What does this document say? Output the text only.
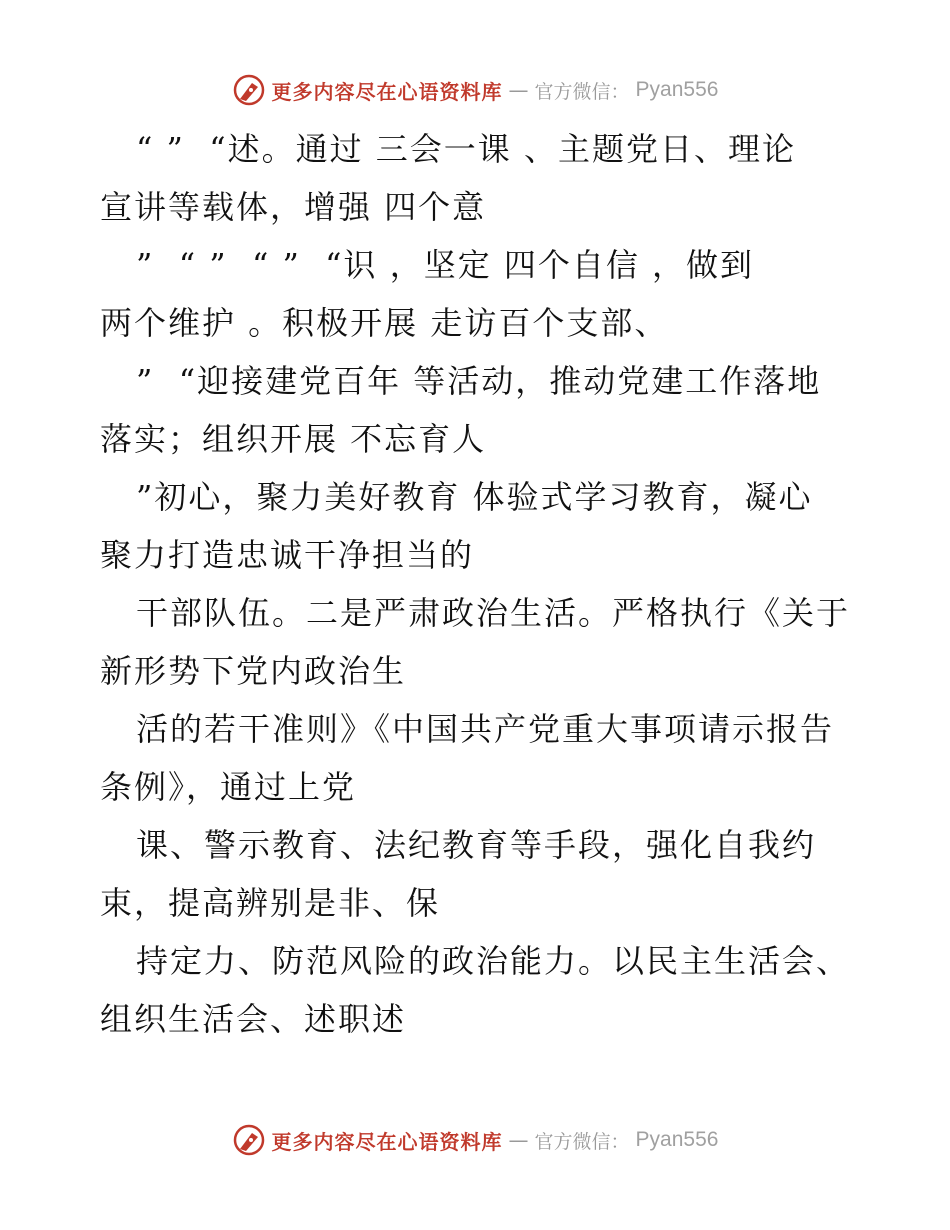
更多内容尽在心语资料库 — 官方微信： Pyan556
“ ”  “述。通过 三会一课 、主题党日、理论
宣讲等载体，增强 四个意
”  “ ”  “ ”  “识 ，坚定 四个自信 ，做到
两个维护 。积极开展 走访百个支部、
”  “迎接建党百年 等活动，推动党建工作落地
落实；组织开展 不忘育人
”初心，聚力美好教育 体验式学习教育，凝心
聚力打造忠诚干净担当的
干部队伍。二是严肃政治生活。严格执行《关于
新形势下党内政治生
活的若干准则》《中国共产党重大事项请示报告
条例》，通过上党
课、警示教育、法纪教育等手段，强化自我约
束，提高辨别是非、保
持定力、防范风险的政治能力。以民主生活会、
组织生活会、述职述
更多内容尽在心语资料库 — 官方微信： Pyan556
